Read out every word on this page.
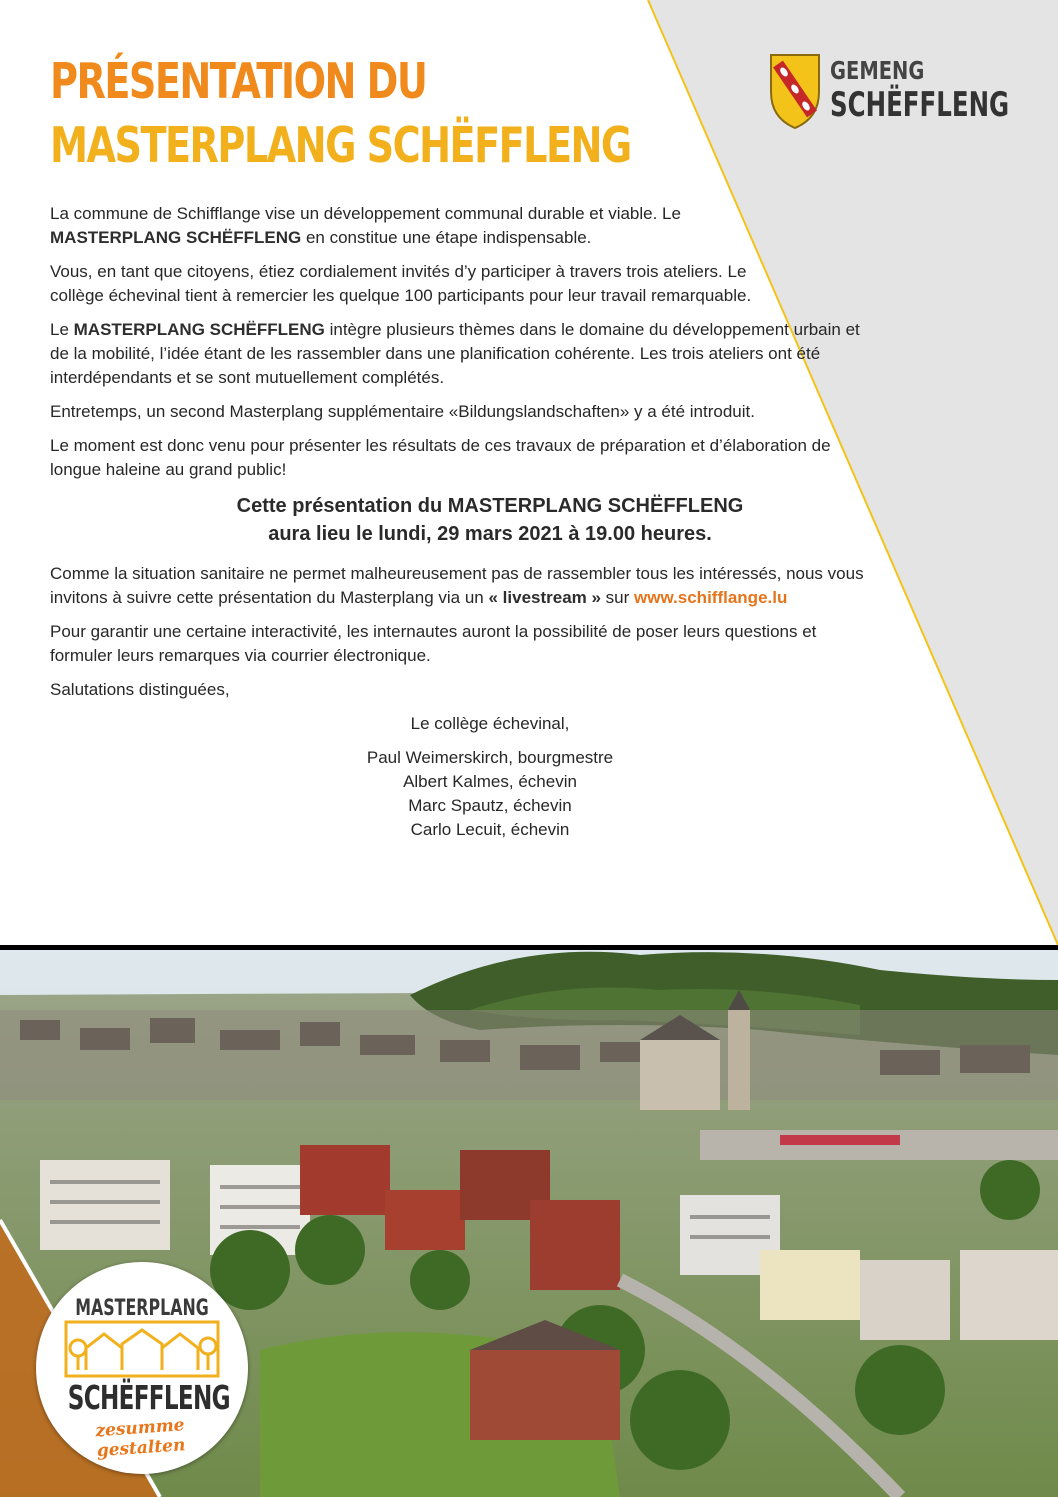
PRÉSENTATION DU
MASTERPLANG SCHËFFLENG
GEMENG
SCHËFFLENG

La commune de Schifflange vise un développement communal durable et viable. Le MASTERPLANG SCHËFFLENG en constitue une étape indispensable.

Vous, en tant que citoyens, étiez cordialement invités d’y participer à travers trois ateliers. Le collège échevinal tient à remercier les quelque 100 participants pour leur travail remarquable.

Le MASTERPLANG SCHËFFLENG intègre plusieurs thèmes dans le domaine du développement urbain et de la mobilité, l’idée étant de les rassembler dans une planification cohérente. Les trois ateliers ont été interdépendants et se sont mutuellement complétés.

Entretemps, un second Masterplang supplémentaire «Bildungslandschaften» y a été introduit.

Le moment est donc venu pour présenter les résultats de ces travaux de préparation et d’élaboration de longue haleine au grand public!

Cette présentation du MASTERPLANG SCHËFFLENG
aura lieu le lundi, 29 mars 2021 à 19.00 heures.

Comme la situation sanitaire ne permet malheureusement pas de rassembler tous les intéressés, nous vous invitons à suivre cette présentation du Masterplang via un « livestream » sur www.schifflange.lu

Pour garantir une certaine interactivité, les internautes auront la possibilité de poser leurs questions et formuler leurs remarques via courrier électronique.

Salutations distinguées,

Le collège échevinal,
Paul Weimerskirch, bourgmestre
Albert Kalmes, échevin
Marc Spautz, échevin
Carlo Lecuit, échevin
MASTERPLANG
SCHËFFLENG
zesumme gestalten
